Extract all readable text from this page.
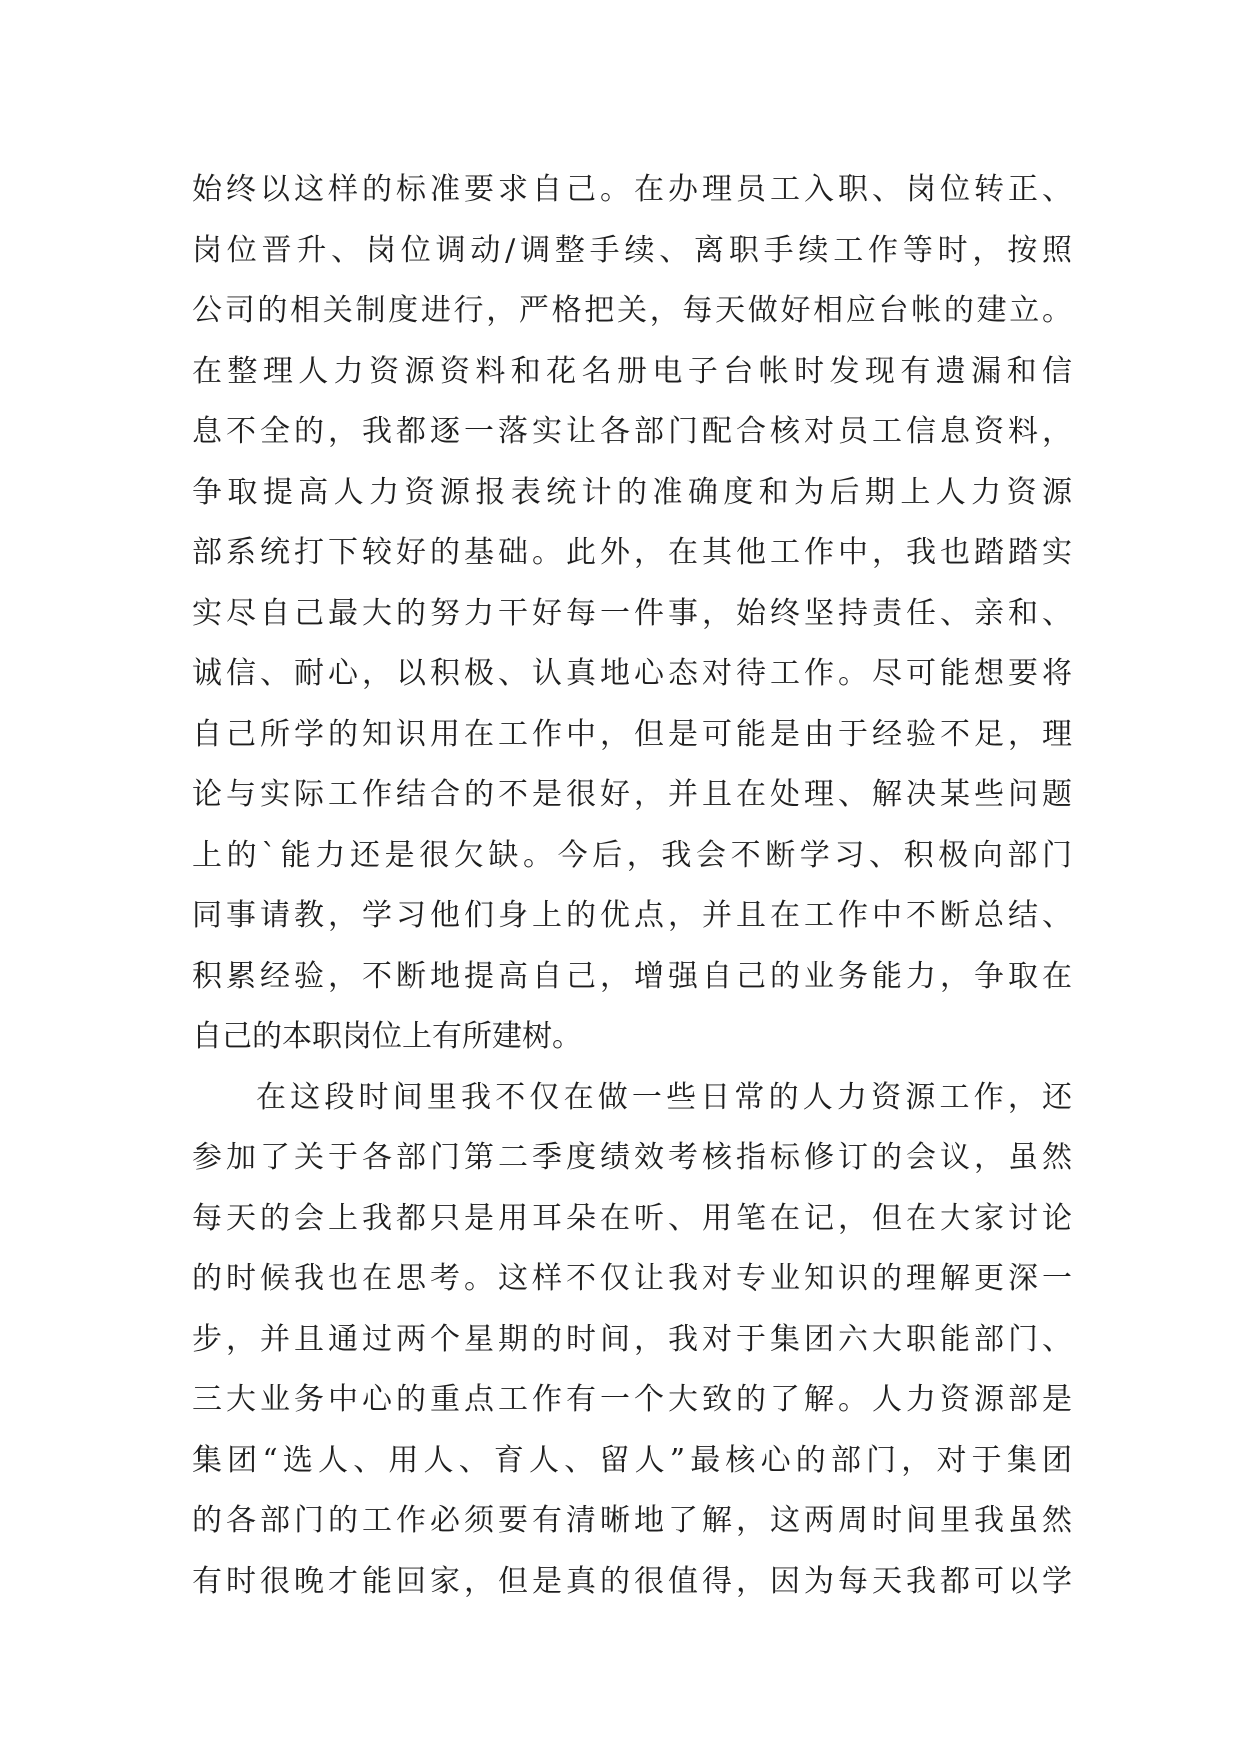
始终以这样的标准要求自己。在办理员工入职、岗位转正、
岗位晋升、岗位调动/调整手续、离职手续工作等时，按照
公司的相关制度进行，严格把关，每天做好相应台帐的建立。
在整理人力资源资料和花名册电子台帐时发现有遗漏和信
息不全的，我都逐一落实让各部门配合核对员工信息资料，
争取提高人力资源报表统计的准确度和为后期上人力资源
部系统打下较好的基础。此外，在其他工作中，我也踏踏实
实尽自己最大的努力干好每一件事，始终坚持责任、亲和、
诚信、耐心，以积极、认真地心态对待工作。尽可能想要将
自己所学的知识用在工作中，但是可能是由于经验不足，理
论与实际工作结合的不是很好，并且在处理、解决某些问题
上的`能力还是很欠缺。今后，我会不断学习、积极向部门
同事请教，学习他们身上的优点，并且在工作中不断总结、
积累经验，不断地提高自己，增强自己的业务能力，争取在
自己的本职岗位上有所建树。
在这段时间里我不仅在做一些日常的人力资源工作，还
参加了关于各部门第二季度绩效考核指标修订的会议，虽然
每天的会上我都只是用耳朵在听、用笔在记，但在大家讨论
的时候我也在思考。这样不仅让我对专业知识的理解更深一
步，并且通过两个星期的时间，我对于集团六大职能部门、
三大业务中心的重点工作有一个大致的了解。人力资源部是
集团“选人、用人、育人、留人”最核心的部门，对于集团
的各部门的工作必须要有清晰地了解，这两周时间里我虽然
有时很晚才能回家，但是真的很值得，因为每天我都可以学
